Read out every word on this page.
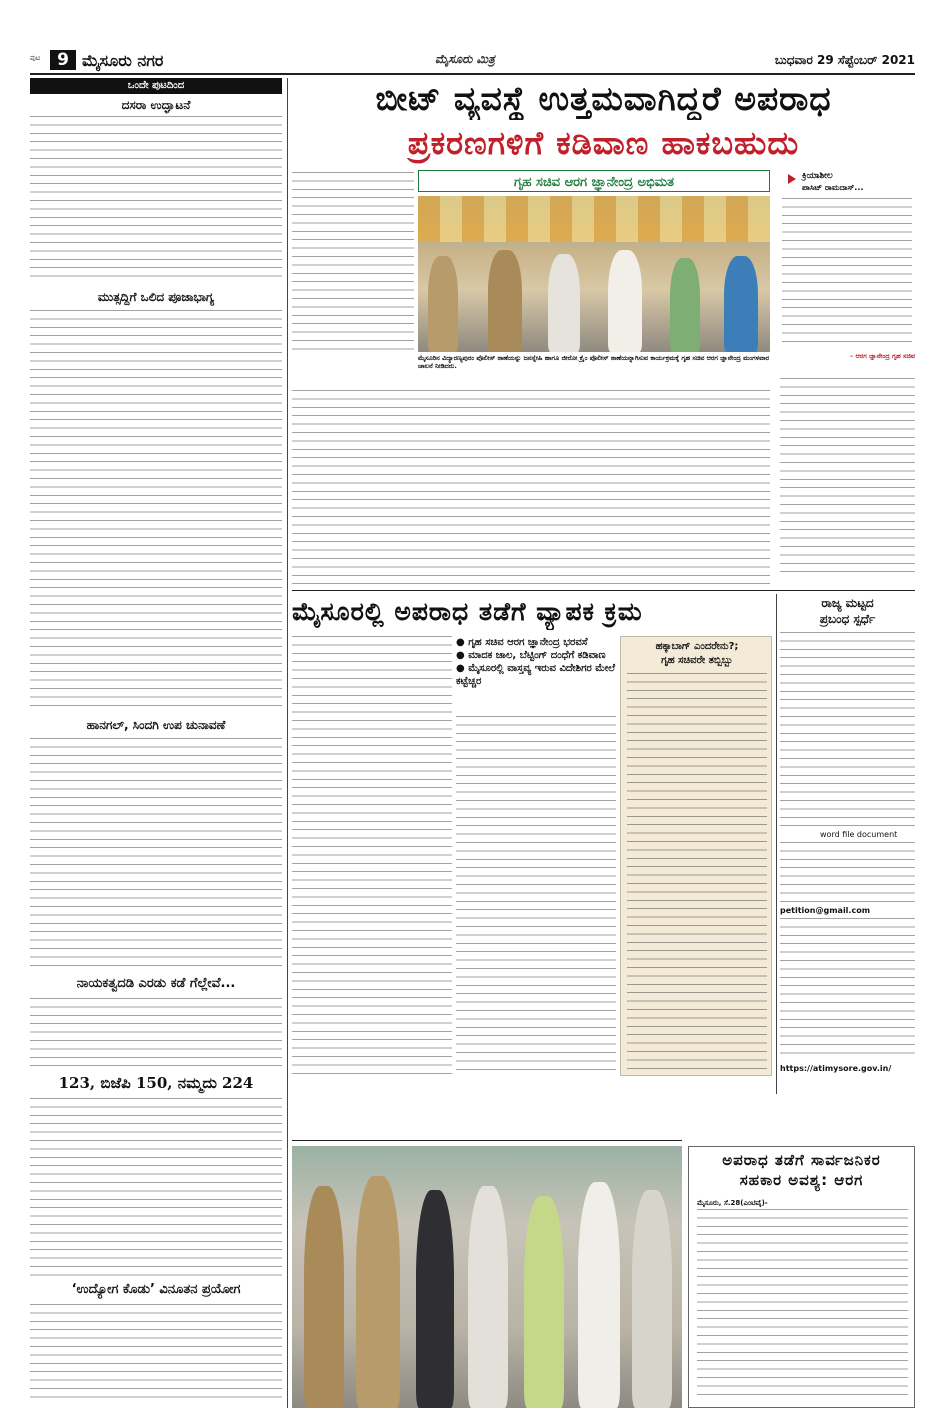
ಪುಟ 9 ಮೈಸೂರು ನಗರ	ಮೈಸೂರು ಮಿತ್ರ	ಬುಧವಾರ 29 ಸೆಪ್ಟೆಂಬರ್ 2021
ಒಂದೇ ಪುಟದಿಂದ
ದಸರಾ ಉದ್ಘಾಟನೆ
ಮುತ್ಸದ್ದಿಗೆ ಒಲಿದ ಪೂಜಾಭಾಗ್ಯ
ಹಾನಗಲ್, ಸಿಂದಗಿ ಉಪ ಚುನಾವಣೆ
ನಾಯಕತ್ವದಡಿ ಎರಡು ಕಡೆ ಗೆಲ್ಲೇವೆ...
123, ಬಿಜೆಪಿ 150, ನಮ್ಮದು 224
‘ಉದ್ಯೋಗ ಕೊಡು’ ವಿನೂತನ ಪ್ರಯೋಗ
ಬೀಟ್ ವ್ಯವಸ್ಥೆ ಉತ್ತಮವಾಗಿದ್ದರೆ ಅಪರಾಧ
ಪ್ರಕರಣಗಳಿಗೆ ಕಡಿವಾಣ ಹಾಕಬಹುದು
ಗೃಹ ಸಚಿವ ಆರಗ ಜ್ಞಾನೇಂದ್ರ ಅಭಿಮತ	ಕ್ರಿಯಾಶೀಲ
ಪಾಸಿಟ್ ರಾಮದಾಸ್...
– ಆರಗ ಜ್ಞಾನೇಂದ್ರ ಗೃಹ ಸಚಿವ
ಮೈಸೂರಿನ ವಿದ್ಯಾರಣ್ಯಪುರಂ ಪೊಲೀಸ್ ಠಾಣೆಯನ್ನು ಜನಸ್ನೇಹಿ ಹಾಗೂ ಜೀರೋ ಕ್ರೈಂ ಪೊಲೀಸ್ ಠಾಣೆಯನ್ನಾಗಿಸುವ ಕಾರ್ಯಕ್ರಮಕ್ಕೆ ಗೃಹ ಸಚಿವ ಆರಗ ಜ್ಞಾನೇಂದ್ರ ಮಂಗಳವಾರ ಚಾಲನೆ ನೀಡಿದರು.
ಮೈಸೂರಲ್ಲಿ ಅಪರಾಧ ತಡೆಗೆ ವ್ಯಾಪಕ ಕ್ರಮ
● ಗೃಹ ಸಚಿವ ಆರಗ ಜ್ಞಾನೇಂದ್ರ ಭರವಸೆ
● ಮಾದಕ ಜಾಲ, ಬೆಟ್ಟಿಂಗ್ ದಂಧೆಗೆ ಕಡಿವಾಣ
● ಮೈಸೂರಲ್ಲಿ ವಾಸ್ತವ್ಯ ಇರುವ ವಿದೇಶಿಗರ ಮೇಲೆ ಕಟ್ಟೆಚ್ಚರ
ಹಕ್ಕಾಬಾಗ್ ಎಂದರೇನು?;
ಗೃಹ ಸಚಿವರೇ ತಬ್ಬಿಬ್ಬು
ರಾಜ್ಯ ಮಟ್ಟದ
ಪ್ರಬಂಧ ಸ್ಪರ್ಧೆ
word file document
petition@gmail.com
https://atimysore.gov.in/
ಅಪರಾಧ ತಡೆಗೆ ಸಾರ್ವಜನಿಕರ
ಸಹಕಾರ ಅವಶ್ಯ: ಆರಗ
ಮೈಸೂರು, ಸೆ.28(ಎಂಟಿವೈ)-
